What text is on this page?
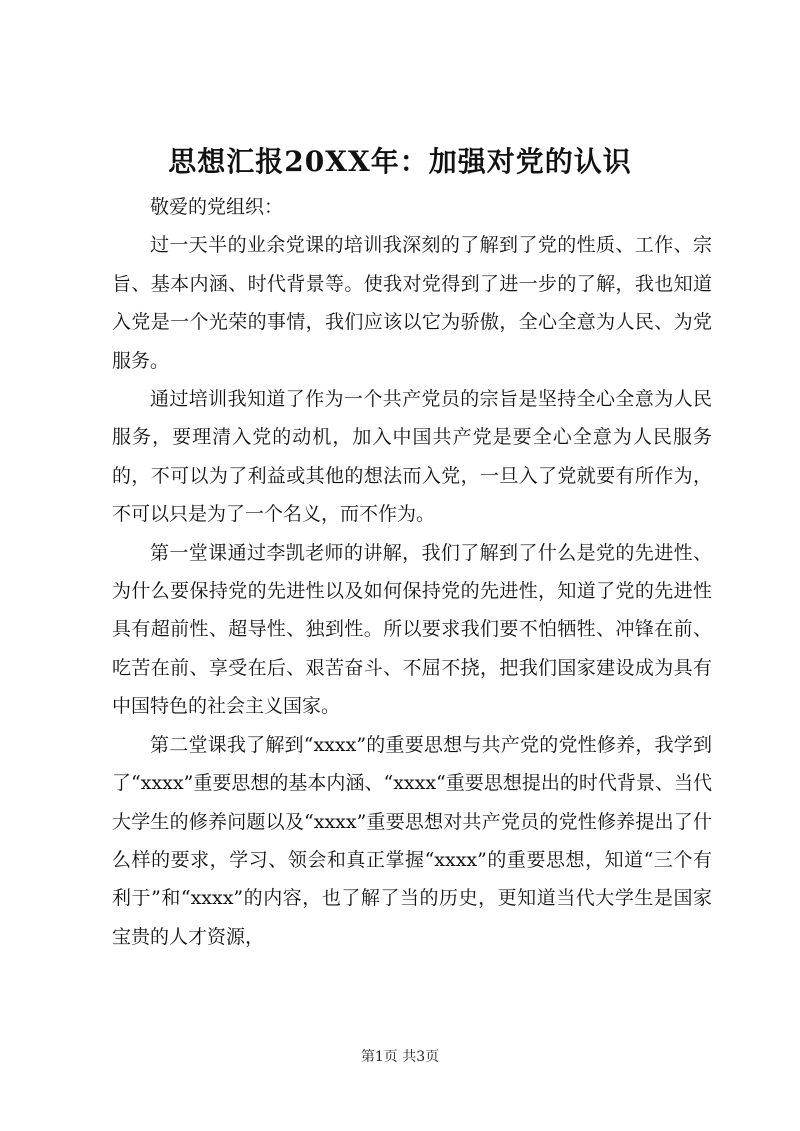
思想汇报20XX年：加强对党的认识

敬爱的党组织：

过一天半的业余党课的培训我深刻的了解到了党的性质、工作、宗旨、基本内涵、时代背景等。使我对党得到了进一步的了解，我也知道入党是一个光荣的事情，我们应该以它为骄傲，全心全意为人民、为党服务。

通过培训我知道了作为一个共产党员的宗旨是坚持全心全意为人民服务，要理清入党的动机，加入中国共产党是要全心全意为人民服务的，不可以为了利益或其他的想法而入党，一旦入了党就要有所作为，不可以只是为了一个名义，而不作为。

第一堂课通过李凯老师的讲解，我们了解到了什么是党的先进性、为什么要保持党的先进性以及如何保持党的先进性，知道了党的先进性具有超前性、超导性、独到性。所以要求我们要不怕牺牲、冲锋在前、吃苦在前、享受在后、艰苦奋斗、不屈不挠，把我们国家建设成为具有中国特色的社会主义国家。

第二堂课我了解到“xxxx”的重要思想与共产党的党性修养，我学到了“xxxx”重要思想的基本内涵、“xxxx“重要思想提出的时代背景、当代大学生的修养问题以及“xxxx”重要思想对共产党员的党性修养提出了什么样的要求，学习、领会和真正掌握“xxxx”的重要思想，知道“三个有利于”和“xxxx”的内容，也了解了当的历史，更知道当代大学生是国家宝贵的人才资源，

第1页 共3页
